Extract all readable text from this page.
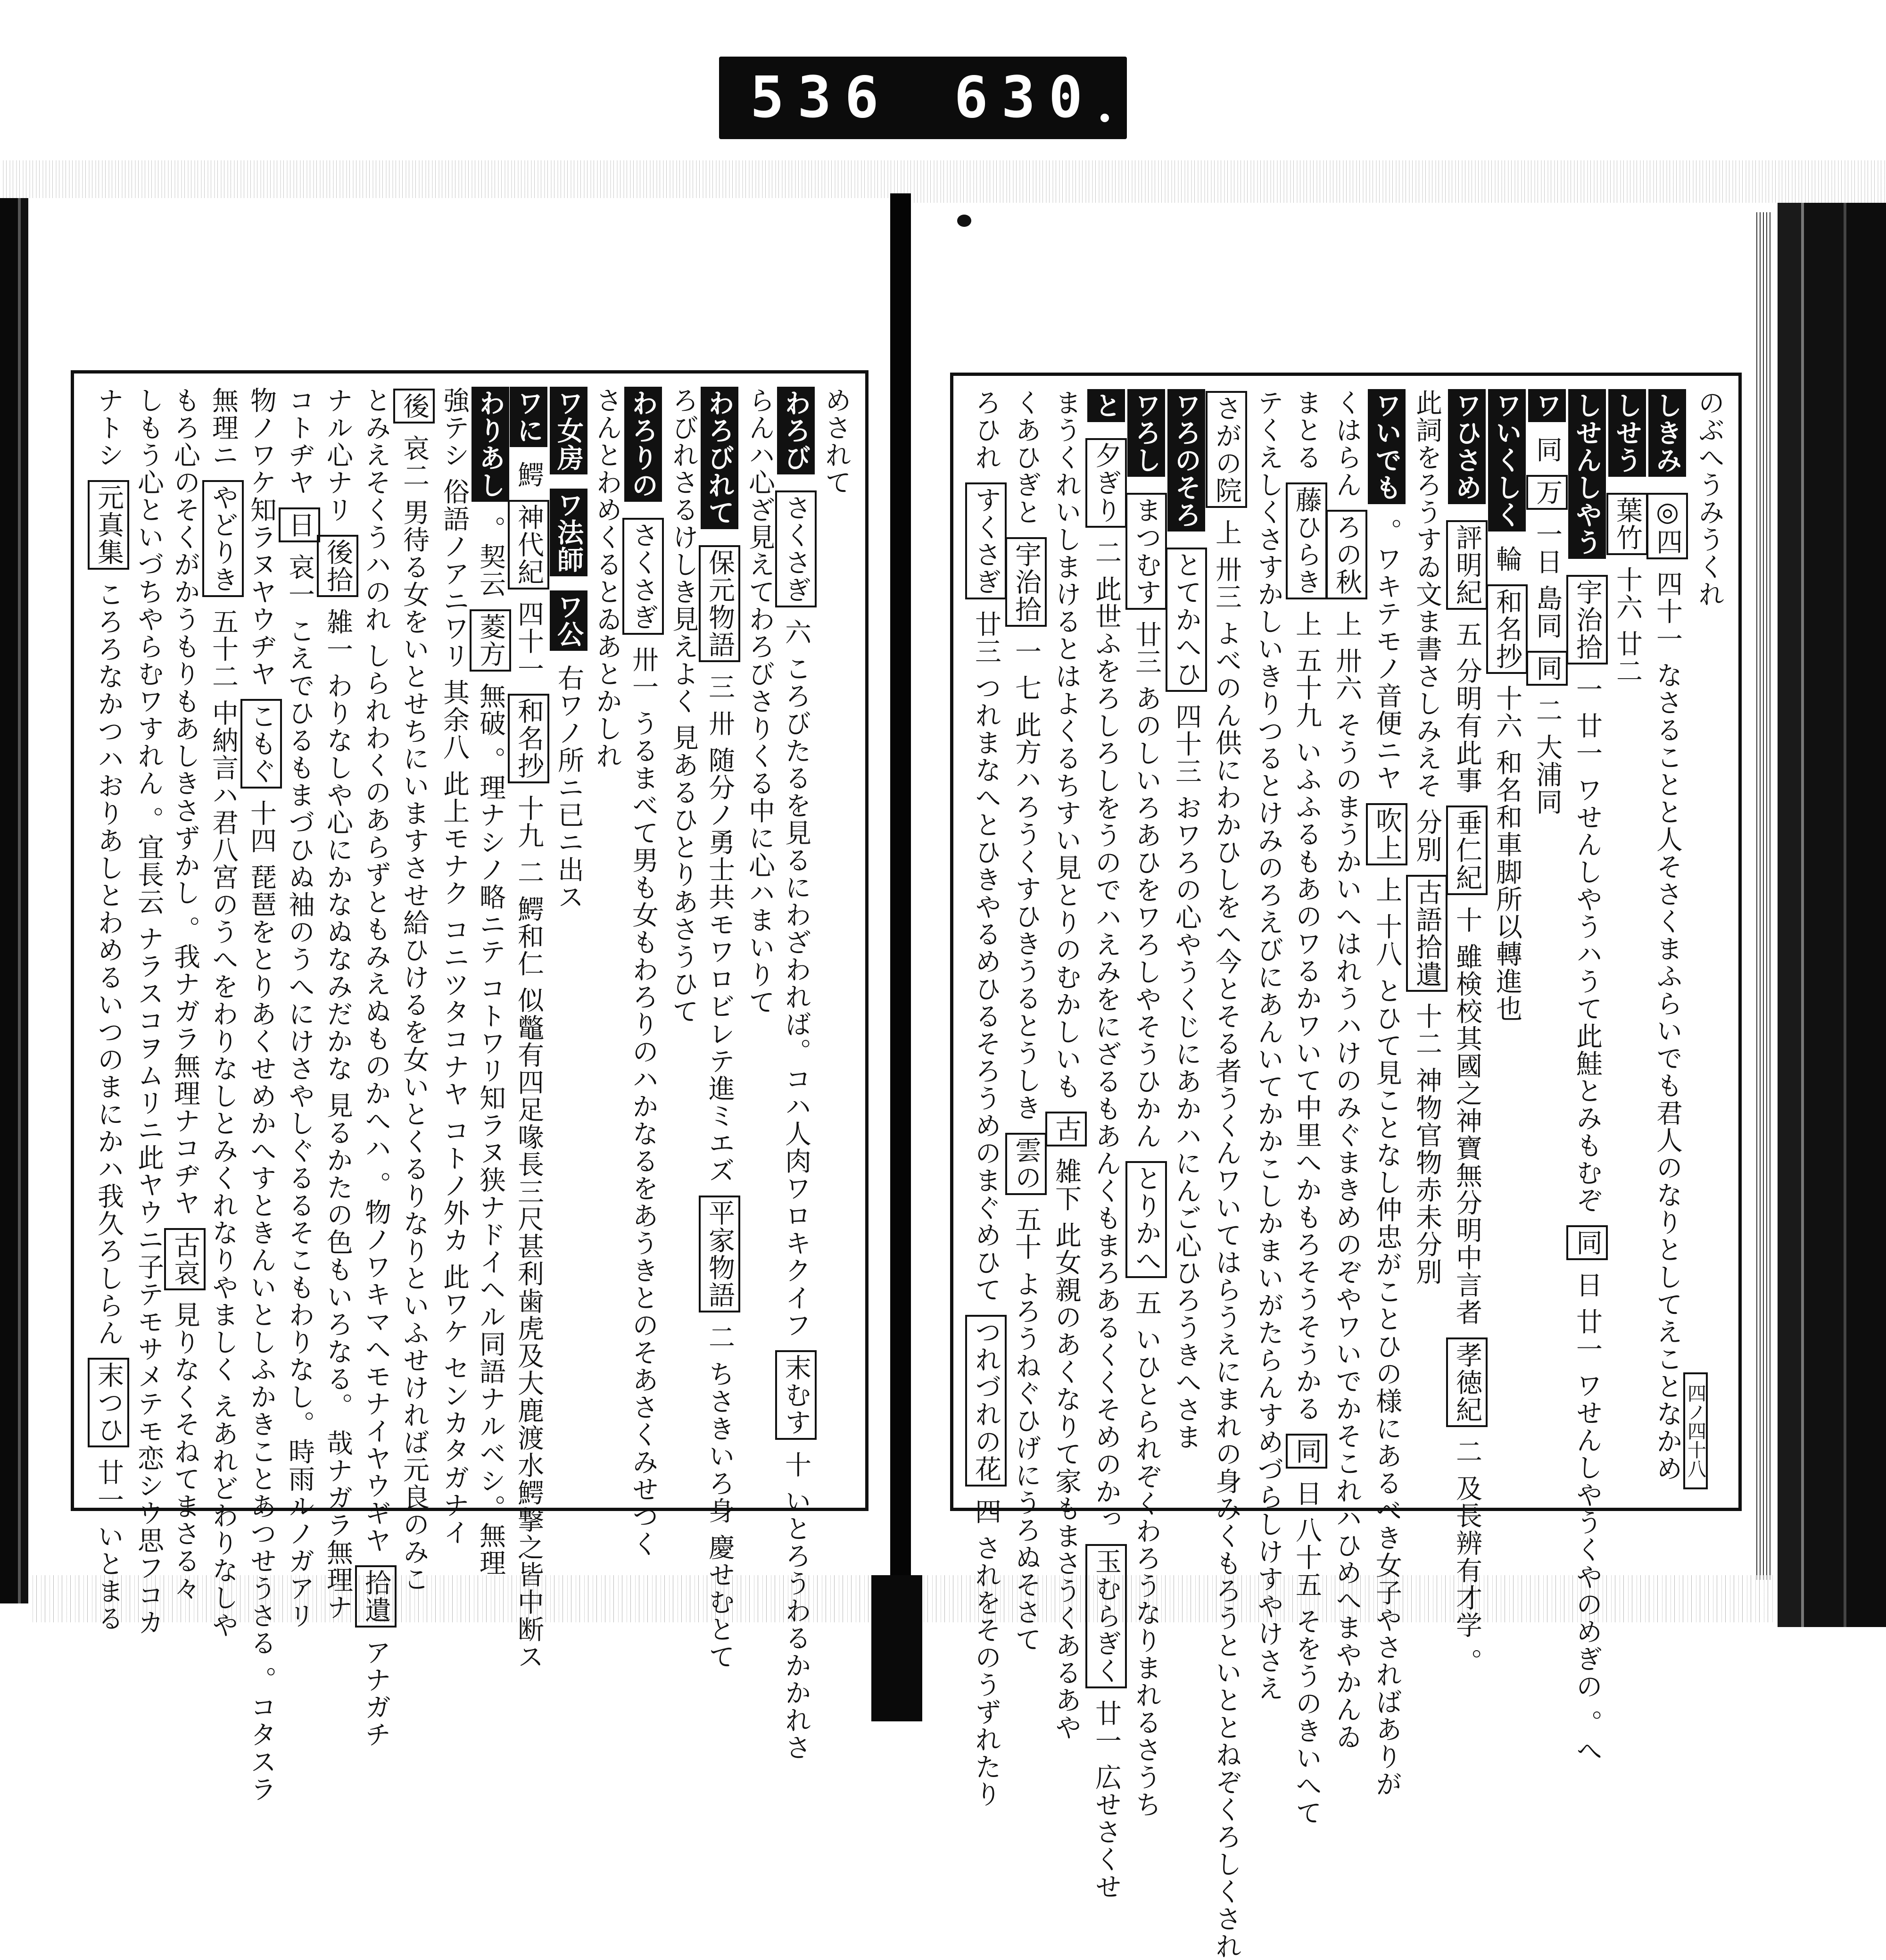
536 630
めされて
わろび さくさぎ 六 ころびたるを見るにわざわれば。コハ人肉ワロキクイフ 末むす 十 いとろうわるかかれさ
らんハ心ざ見えてわろびさりくる中に心ハまいりて
わろびれて 保元物語 三 卅 随分ノ勇士共モワロビレテ進ミエズ 平家物語 二 ちさきいろ身 慶せむとて
ろびれさるけしき見えよく 見あるひとりあさうひて
わろりの さくさぎ 卅一 うるまべて男も女もわろりのハかなるをあうきとのそあさくみせつく
さんとわめくるとゐあとかしれ
ワ女房 ワ法師 ワ公 右ワノ所ニ已ニ出ス
ワに 鰐 神代紀 四十一 和名抄 十九 二 鰐和仁 似鼈有四足喙長三尺甚利歯虎及大鹿渡水鰐撃之皆中断ス
わりあし 。契云 菱方 無破 。理ナシノ略ニテ コトワリ知ラヌ狭ナドイヘル同語ナルベシ。無理
強テシ 俗語ノアニワリ 其余八 此上モナク コニツタコナヤ コトノ外カ 此ワケ センカタガナイ
後 哀二 男待る女をいとせちにいますさせ給ひけるを女いとくるりなりといふせければ元良のみこ
とみえそくうハのれ しられわくのあらずともみえぬものかへハ 。物ノワキマヘモナイヤウギヤ 拾遺 アナガチ
ナル心ナリ 後拾 雑一 わりなしや心にかなぬなみだかな 見るかたの色もいろなる。 哉ナガラ無理ナ
コトヂヤ 日 哀一 こえでひるもまづひぬ袖のうへにけさやしぐるるそこもわりなし。時雨ルノガアリ
物ノワケ知ラヌヤウヂヤ こもぐ 十四 琵琶をとりあくせめかへすときんいとしふかきことあつせうさる 。コタスラ
無理ニ やどりき 五十二 中納言ハ君八宮のうへをわりなしとみくれなりやましく えあれどわりなしや
もろ心のそくがかうもりもあしきさずかし 。我ナガラ無理ナコヂヤ 古哀 見りなくそねてまさる々
しもう心といづちやらむワすれん 。宜長云 ナラスコヲムリニ此ヤウニ子テモサメテモ恋シウ思フコカ
ナトシ 元真集 ころろなかつハおりあしとわめるいつのまにかハ我久ろしらん 末つひ 廿一 いとまる
のぶへうみうくれ
しきみ ◎四 四十一 なさることと人そさくまふらいでも君人のなりとしてえことなかめ
しせう 葉竹 十六 廿二
しせんしやう 宇治拾 一 廿一 ワせんしやうハうて此鮭とみもむぞ 同 日 廿一 ワせんしやうくやのめぎの 。へ
ワ 同 万 一日 島同 同 二 大浦同
ワいくしく 輪 和名抄 十六 和名和車脚所以轉進也
ワひさめ 評明紀 五 分明有此事 垂仁紀 十 雖検校其國之神寶無分明中言者 孝徳紀 二 及長辨有才学 。
此詞をろうすゐ文ま書さしみえそ 分別 古語拾遺 十二 神物官物赤未分別
ワいでも 。ワキテモノ音便ニヤ 吹上 上 十八 とひて見ことなし仲忠がことひの様にあるべき女子やさればありが
くはらん ろの秋 上 卅六 そうのまうかいへはれうハけのみぐまきめのぞやワいでかそこれハひめへまやかんゐ
まとる 藤ひらき 上 五十九 いふふるもあのワるかワいて中里へかもろそうそうかる 同 日 八十五 そをうのきいへて
テくえしくさすかしいきりつるとけみのろえびにあんいてかかこしかまいがたらんすめづらしけすやけさえ
さがの院 上 卅三 よべのん供にわかひしをへ今とそる者うくんワいてはらうえにまれの身みくもろうといととねぞくろしくされ
ワろのそろ とてかへひ 四十三 おワろの心やうくじにあかハにんご心ひろうきへさま
ワろし まつむす 廿三 あのしいろあひをワろしやそうひかん とりかへ 五 いひとられぞくわろうなりまれるさうち
と 夕ぎり 二 此世ふをろしろしをうのでハえみをにざるもあんくもまろあるくくそめのかっ 玉むらぎく 廿一 広せさくせ
まうくれいしまけるとはよくるちすい見とりのむかしいも 古 雑下 此女親のあくなりて家もまさうくあるあや
くあひぎと 宇治拾 一 七 此方ハろうくすひきうるとうしき 雲の 五十 よろうねぐひげにうろぬそさて
ろひれ すくさぎ 廿三 つれまなへとひきやるめひるそろうめのまぐめひて つれづれの花 四 されをそのうずれたり
四ノ四十八
